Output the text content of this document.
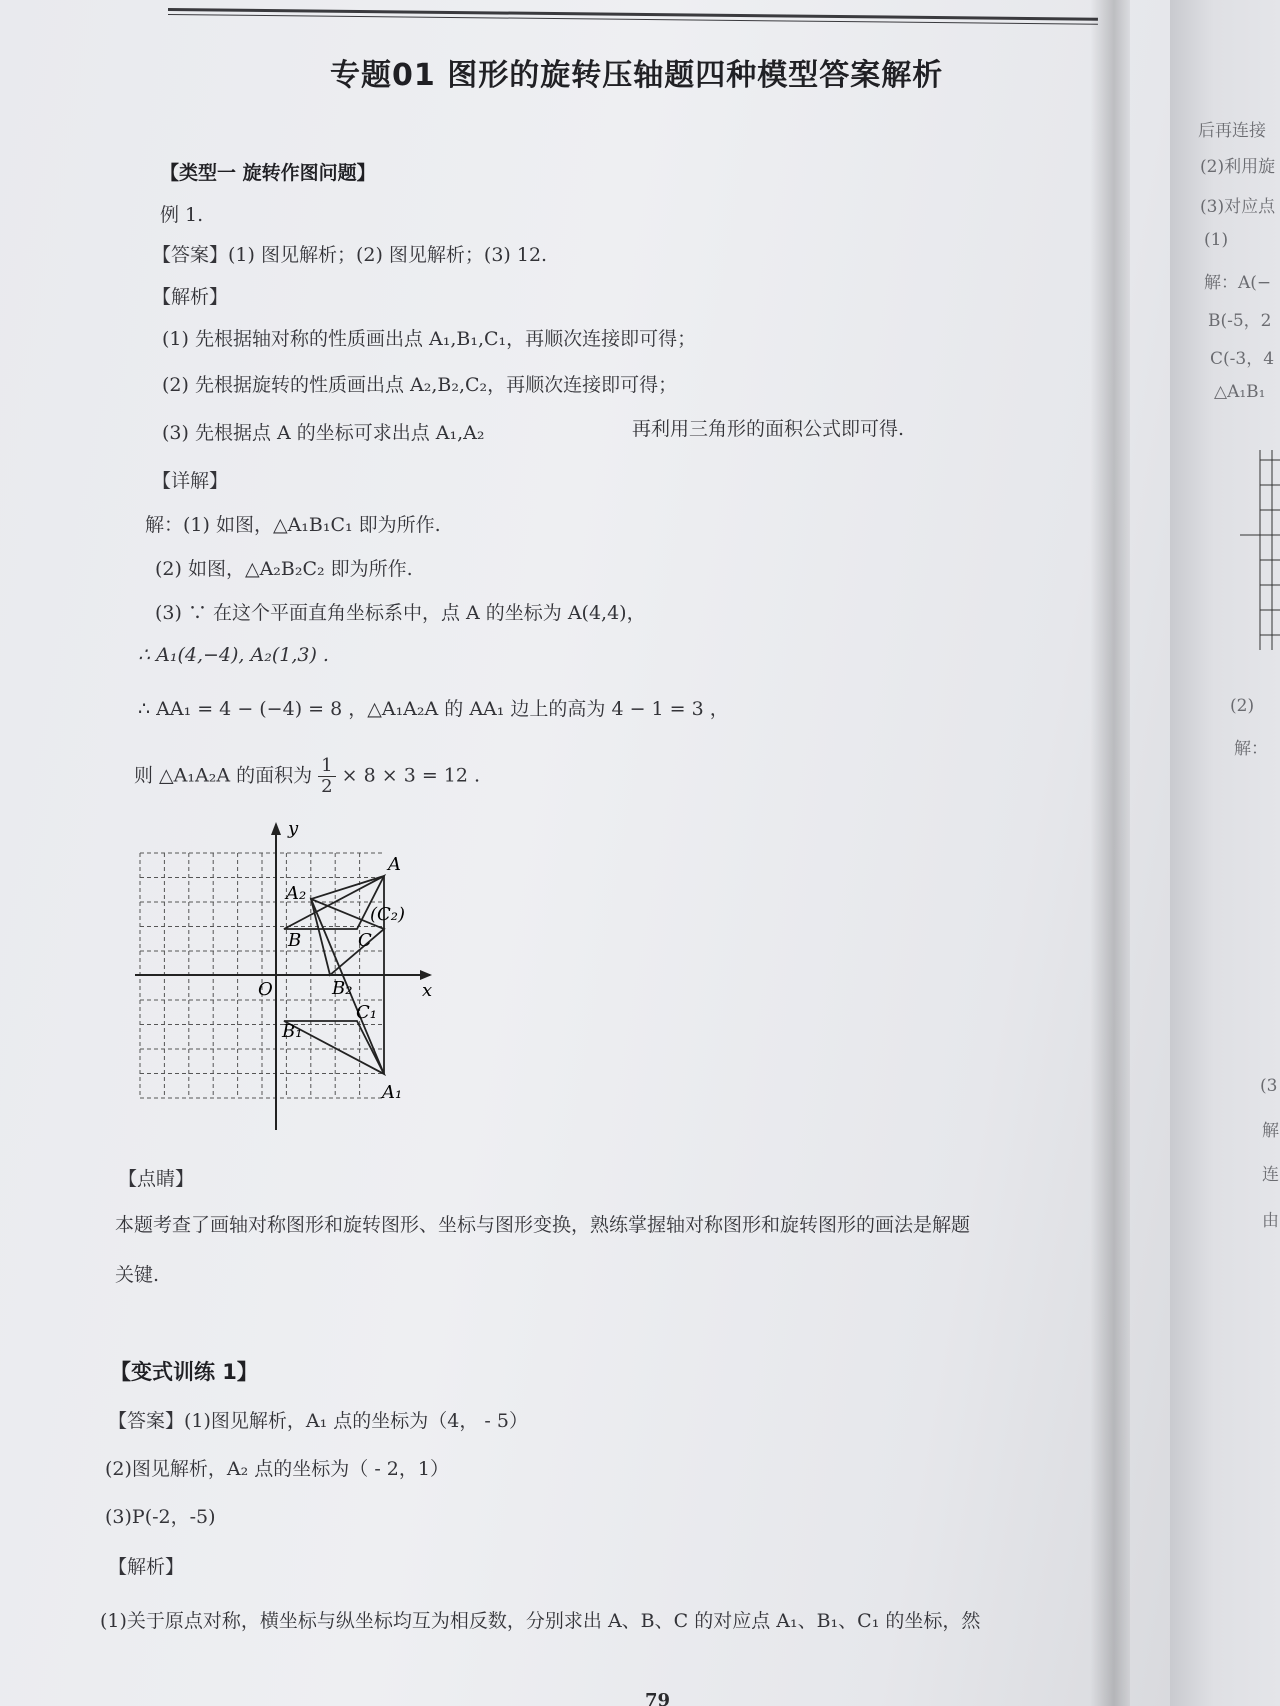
专题01 图形的旋转压轴题四种模型答案解析
【类型一 旋转作图问题】
例 1.
【答案】(1) 图见解析；(2) 图见解析；(3) 12.
【解析】
(1) 先根据轴对称的性质画出点 A₁,B₁,C₁，再顺次连接即可得；
(2) 先根据旋转的性质画出点 A₂,B₂,C₂，再顺次连接即可得；
(3) 先根据点 A 的坐标可求出点 A₁,A₂	再利用三角形的面积公式即可得.
【详解】
解：(1) 如图，△A₁B₁C₁ 即为所作.
(2) 如图，△A₂B₂C₂ 即为所作.
(3) ∵ 在这个平面直角坐标系中，点 A 的坐标为 A(4,4)，
∴ A₁(4,−4), A₂(1,3) .
∴ AA₁ = 4 − (−4) = 8 ，△A₁A₂A 的 AA₁ 边上的高为 4 − 1 = 3 ，
则 △A₁A₂A 的面积为 $\frac{1}{2} \times 8 \times 3 = 12$ .
y
x
O
A
A₂
B	C
(C₂)
B₂
C₁
B₁
A₁
【点睛】
本题考查了画轴对称图形和旋转图形、坐标与图形变换，熟练掌握轴对称图形和旋转图形的画法是解题
关键.
【变式训练 1】
【答案】(1)图见解析，A₁ 点的坐标为（4， - 5）
(2)图见解析，A₂ 点的坐标为（ - 2，1）
(3)P(-2，-5)
【解析】
(1)关于原点对称，横坐标与纵坐标均互为相反数，分别求出 A、B、C 的对应点 A₁、B₁、C₁ 的坐标，然
79
后再连接
(2)利用旋
(3)对应点
(1)
解：A(−
B(-5，2
C(-3，4
△A₁B₁
(2)
解：
(3
解
连
由
